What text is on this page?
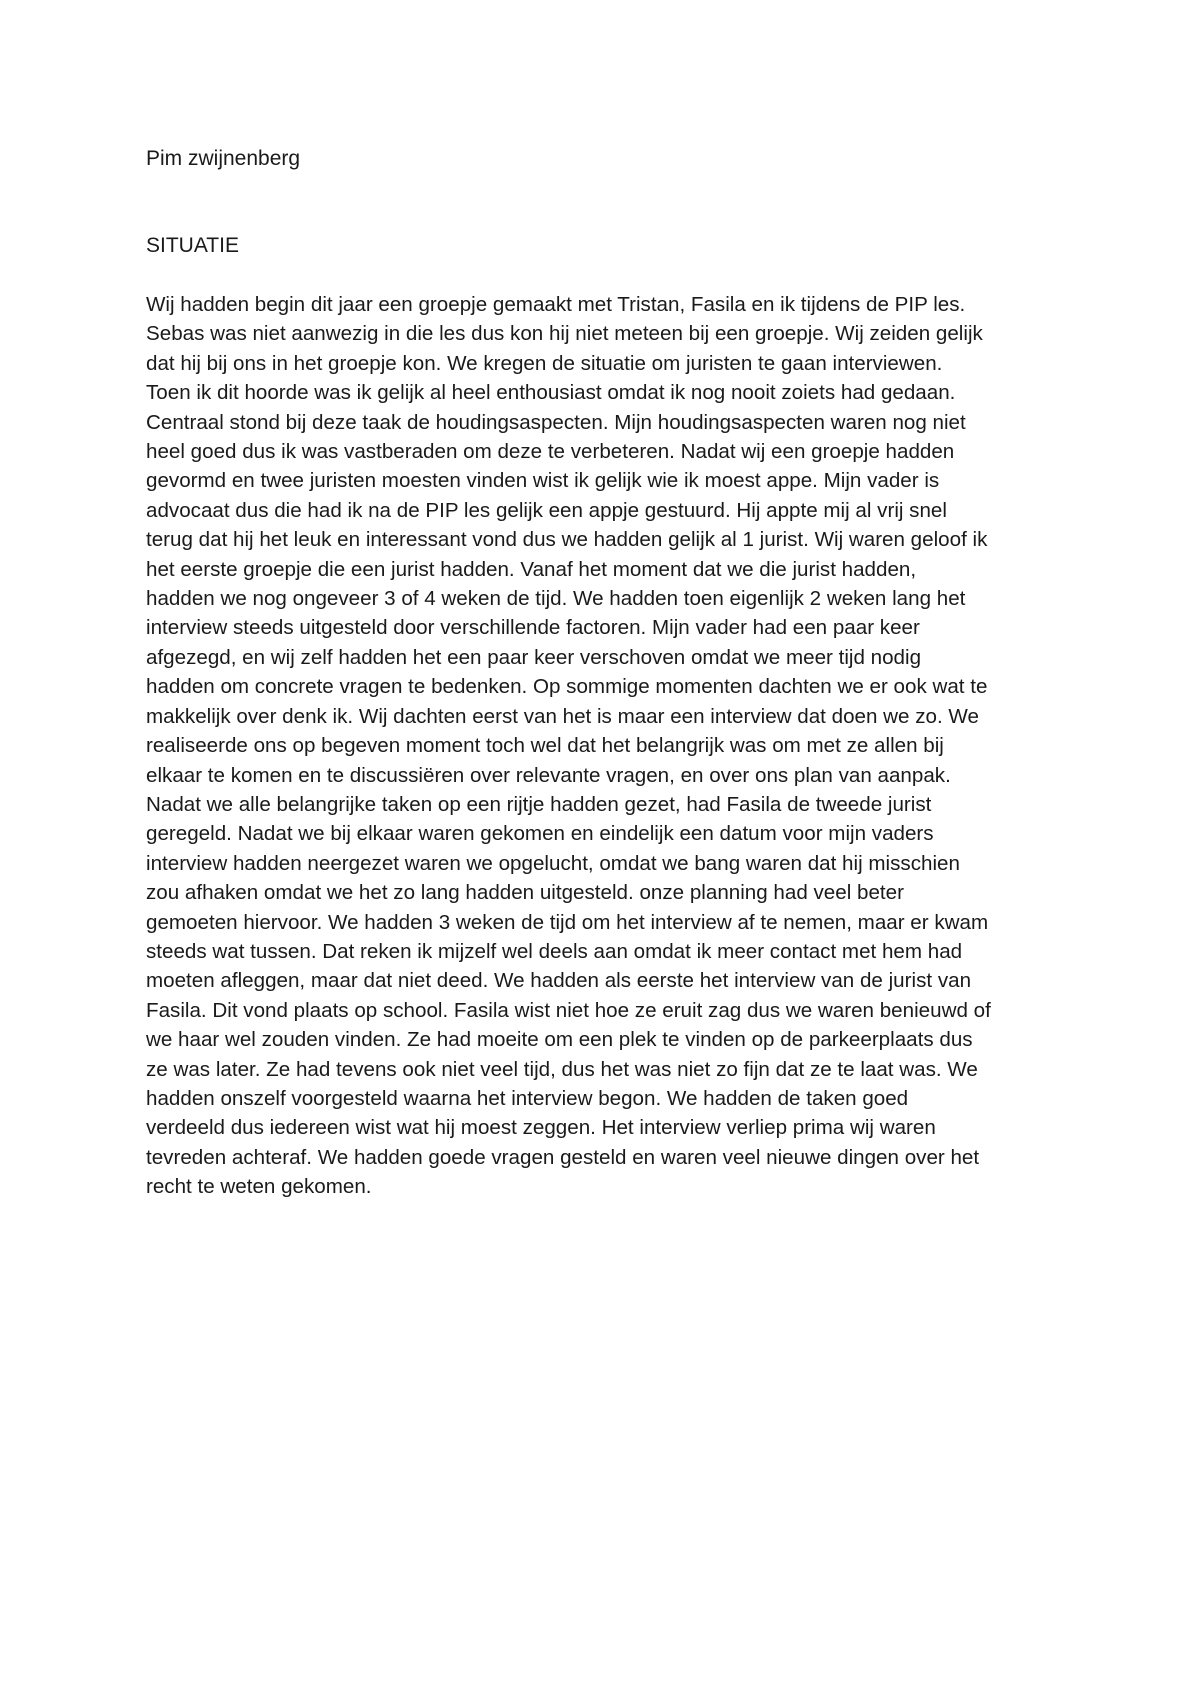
Pim zwijnenberg
SITUATIE
Wij hadden begin dit jaar een groepje gemaakt met Tristan, Fasila en ik tijdens de PIP les.
Sebas was niet aanwezig in die les dus kon hij niet meteen bij een groepje. Wij zeiden gelijk
dat hij bij ons in het groepje kon. We kregen de situatie om juristen te gaan interviewen.
Toen ik dit hoorde was ik gelijk al heel enthousiast omdat ik nog nooit zoiets had gedaan.
Centraal stond bij deze taak de houdingsaspecten. Mijn houdingsaspecten waren nog niet
heel goed dus ik was vastberaden om deze te verbeteren. Nadat wij een groepje hadden
gevormd en twee juristen moesten vinden wist ik gelijk wie ik moest appe. Mijn vader is
advocaat dus die had ik na de PIP les gelijk een appje gestuurd. Hij appte mij al vrij snel
terug dat hij het leuk en interessant vond dus we hadden gelijk al 1 jurist. Wij waren geloof ik
het eerste groepje die een jurist hadden. Vanaf het moment dat we die jurist hadden,
hadden we nog ongeveer 3 of 4 weken de tijd. We hadden toen eigenlijk 2 weken lang het
interview steeds uitgesteld door verschillende factoren. Mijn vader had een paar keer
afgezegd, en wij zelf hadden het een paar keer verschoven omdat we meer tijd nodig
hadden om concrete vragen te bedenken. Op sommige momenten dachten we er ook wat te
makkelijk over denk ik. Wij dachten eerst van het is maar een interview dat doen we zo. We
realiseerde ons op begeven moment toch wel dat het belangrijk was om met ze allen bij
elkaar te komen en te discussiëren over relevante vragen, en over ons plan van aanpak.
Nadat we alle belangrijke taken op een rijtje hadden gezet, had Fasila de tweede jurist
geregeld. Nadat we bij elkaar waren gekomen en eindelijk een datum voor mijn vaders
interview hadden neergezet waren we opgelucht, omdat we bang waren dat hij misschien
zou afhaken omdat we het zo lang hadden uitgesteld. onze planning had veel beter
gemoeten hiervoor. We hadden 3 weken de tijd om het interview af te nemen, maar er kwam
steeds wat tussen. Dat reken ik mijzelf wel deels aan omdat ik meer contact met hem had
moeten afleggen, maar dat niet deed. We hadden als eerste het interview van de jurist van
Fasila. Dit vond plaats op school. Fasila wist niet hoe ze eruit zag dus we waren benieuwd of
we haar wel zouden vinden. Ze had moeite om een plek te vinden op de parkeerplaats dus
ze was later. Ze had tevens ook niet veel tijd, dus het was niet zo fijn dat ze te laat was. We
hadden onszelf voorgesteld waarna het interview begon. We hadden de taken goed
verdeeld dus iedereen wist wat hij moest zeggen. Het interview verliep prima wij waren
tevreden achteraf. We hadden goede vragen gesteld en waren veel nieuwe dingen over het
recht te weten gekomen.
